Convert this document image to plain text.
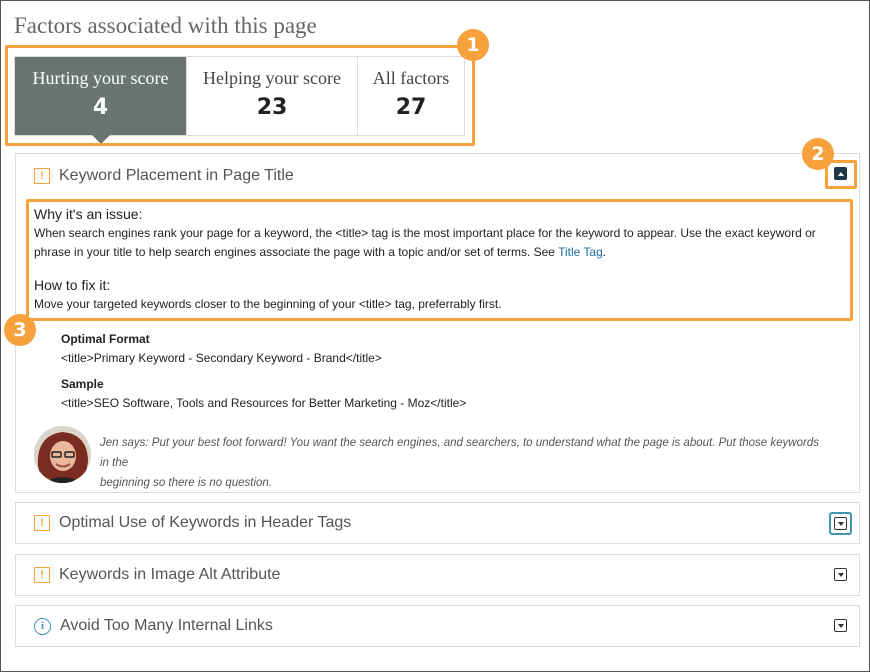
Factors associated with this page
Hurting your score
4
Helping your score
23
All factors
27
1
! Keyword Placement in Page Title
2
3
Why it's an issue:
When search engines rank your page for a keyword, the <title> tag is the most important place for the keyword to appear. Use the exact keyword or
phrase in your title to help search engines associate the page with a topic and/or set of terms. See Title Tag.
How to fix it:
Move your targeted keywords closer to the beginning of your <title> tag, preferrably first.
Optimal Format
<title>Primary Keyword - Secondary Keyword - Brand</title>
Sample
<title>SEO Software, Tools and Resources for Better Marketing - Moz</title>
Jen says: Put your best foot forward! You want the search engines, and searchers, to understand what the page is about. Put those keywords in the
beginning so there is no question.
! Optimal Use of Keywords in Header Tags
! Keywords in Image Alt Attribute
i Avoid Too Many Internal Links
